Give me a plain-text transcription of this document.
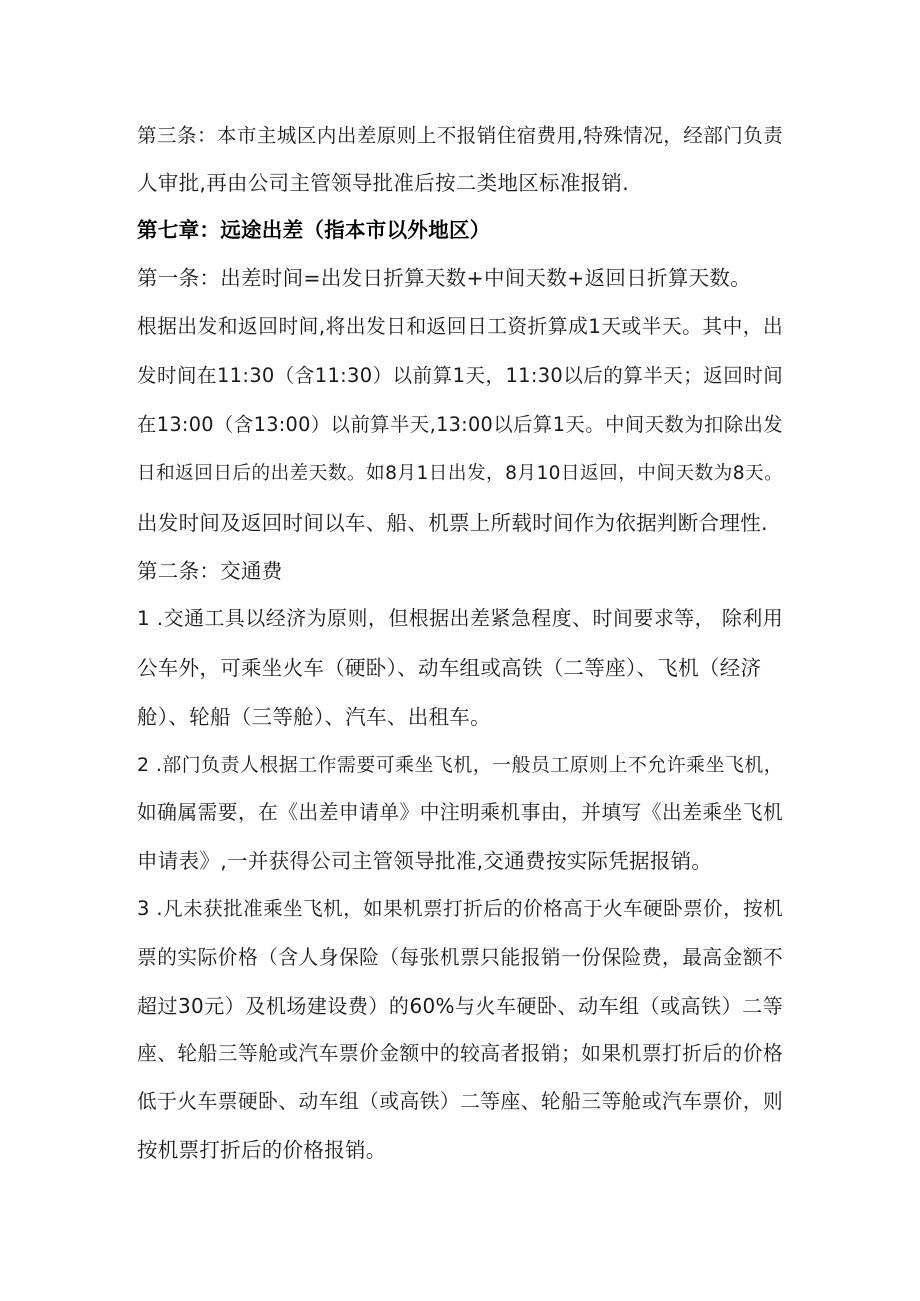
第三条：本市主城区内出差原则上不报销住宿费用,特殊情况，经部门负责

人审批,再由公司主管领导批准后按二类地区标准报销.

第七章：远途出差（指本市以外地区）

第一条：出差时间=出发日折算天数+中间天数+返回日折算天数。

根据出发和返回时间,将出发日和返回日工资折算成1天或半天。其中，出

发时间在11:30（含11:30）以前算1天，11:30以后的算半天；返回时间

在13:00（含13:00）以前算半天,13:00以后算1天。中间天数为扣除出发

日和返回日后的出差天数。如8月1日出发，8月10日返回，中间天数为8天。

出发时间及返回时间以车、船、机票上所载时间作为依据判断合理性.

第二条：交通费

1 .交通工具以经济为原则，但根据出差紧急程度、时间要求等， 除利用

公车外，可乘坐火车（硬卧）、动车组或高铁（二等座）、飞机（经济

舱）、轮船（三等舱）、汽车、出租车。

2 .部门负责人根据工作需要可乘坐飞机，一般员工原则上不允许乘坐飞机，

如确属需要，在《出差申请单》中注明乘机事由，并填写《出差乘坐飞机

申请表》,一并获得公司主管领导批准,交通费按实际凭据报销。

3 .凡未获批准乘坐飞机，如果机票打折后的价格高于火车硬卧票价，按机

票的实际价格（含人身保险（每张机票只能报销一份保险费，最高金额不

超过30元）及机场建设费）的60%与火车硬卧、动车组（或高铁）二等

座、轮船三等舱或汽车票价金额中的较高者报销；如果机票打折后的价格

低于火车票硬卧、动车组（或高铁）二等座、轮船三等舱或汽车票价，则

按机票打折后的价格报销。
